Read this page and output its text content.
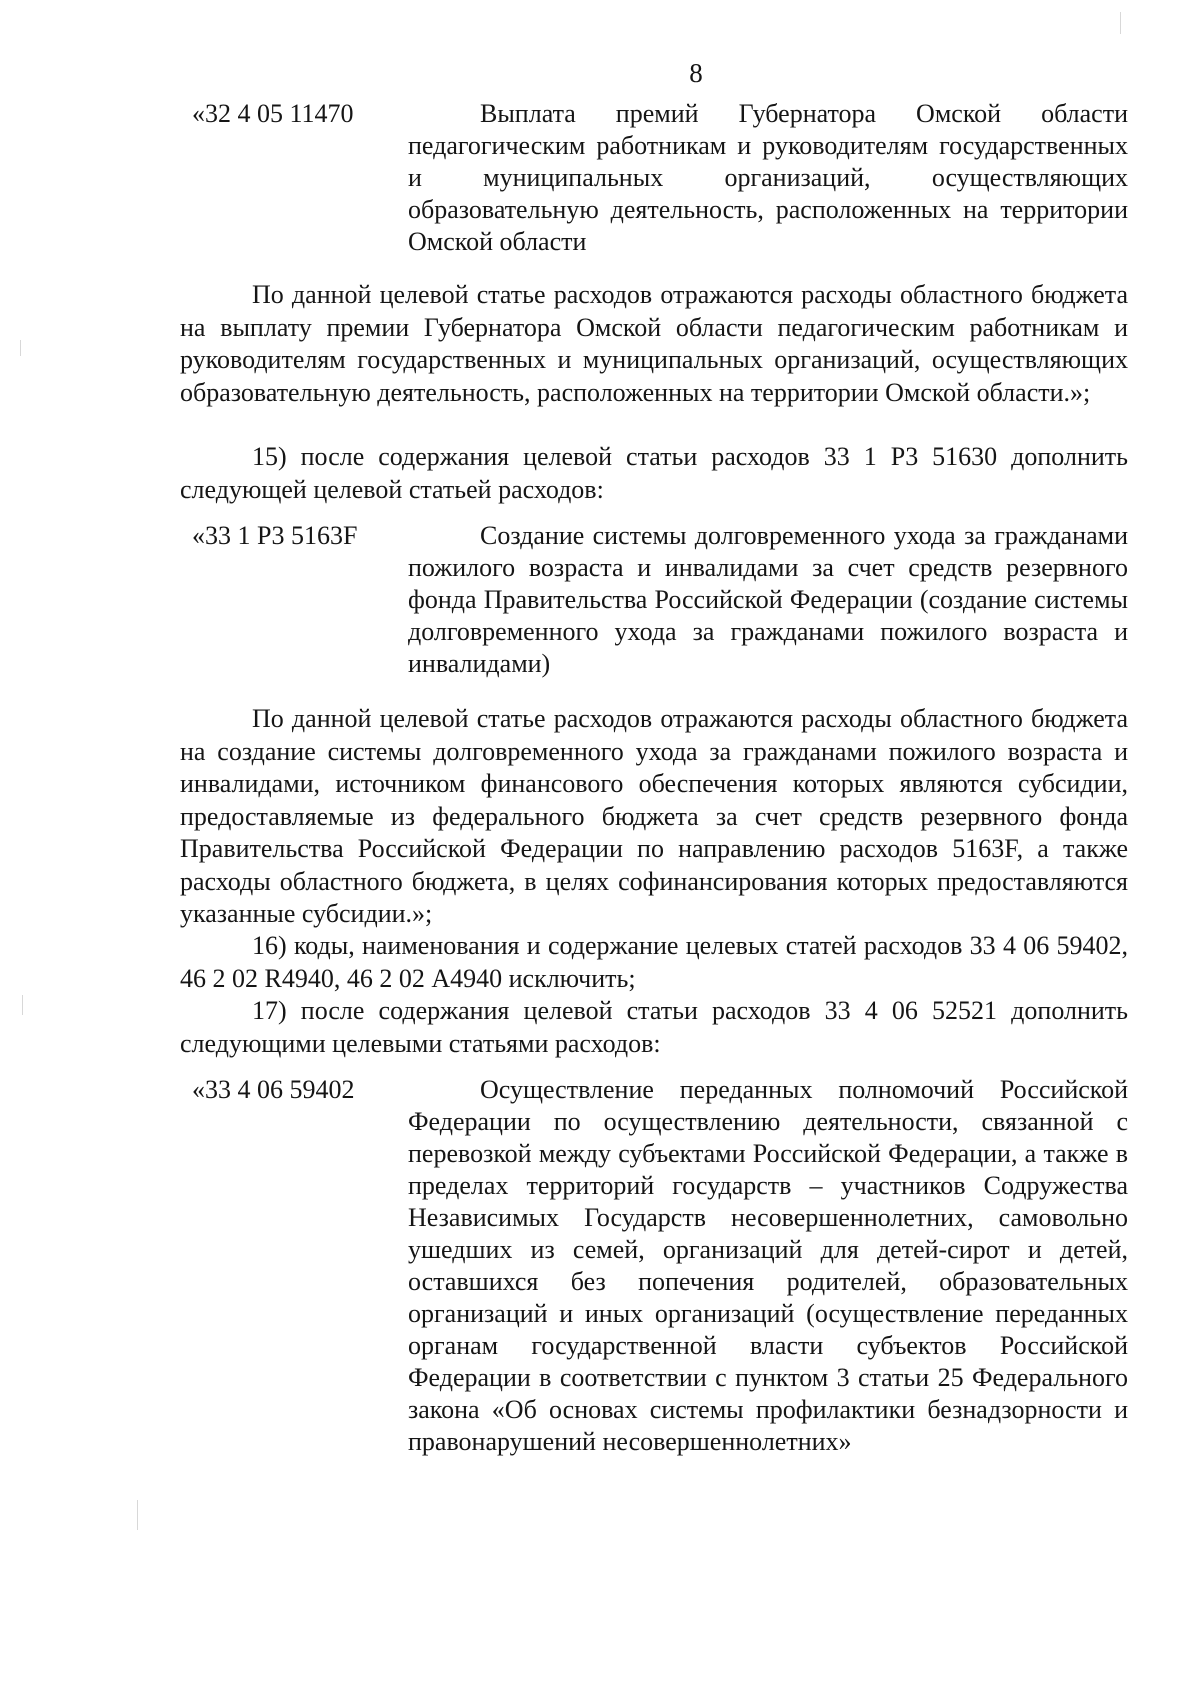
8
«32 4 05 11470	Выплата премий Губернатора Омской области педагогическим работникам и руководителям государственных и муниципальных организаций, осуществляющих образовательную деятельность, расположенных на территории Омской области

По данной целевой статье расходов отражаются расходы областного бюджета на выплату премии Губернатора Омской области педагогическим работникам и руководителям государственных и муниципальных организаций, осуществляющих образовательную деятельность, расположенных на территории Омской области.»;

15) после содержания целевой статьи расходов 33 1 Р3 51630 дополнить следующей целевой статьей расходов:

«33 1 Р3 5163F	Создание системы долговременного ухода за гражданами пожилого возраста и инвалидами за счет средств резервного фонда Правительства Российской Федерации (создание системы долговременного ухода за гражданами пожилого возраста и инвалидами)

По данной целевой статье расходов отражаются расходы областного бюджета на создание системы долговременного ухода за гражданами пожилого возраста и инвалидами, источником финансового обеспечения которых являются субсидии, предоставляемые из федерального бюджета за счет средств резервного фонда Правительства Российской Федерации по направлению расходов 5163F, а также расходы областного бюджета, в целях софинансирования которых предоставляются указанные субсидии.»;

16) коды, наименования и содержание целевых статей расходов 33 4 06 59402, 46 2 02 R4940, 46 2 02 А4940 исключить;

17) после содержания целевой статьи расходов 33 4 06 52521 дополнить следующими целевыми статьями расходов:

«33 4 06 59402	Осуществление переданных полномочий Российской Федерации по осуществлению деятельности, связанной с перевозкой между субъектами Российской Федерации, а также в пределах территорий государств – участников Содружества Независимых Государств несовершеннолетних, самовольно ушедших из семей, организаций для детей-сирот и детей, оставшихся без попечения родителей, образовательных организаций и иных организаций (осуществление переданных органам государственной власти субъектов Российской Федерации в соответствии с пунктом 3 статьи 25 Федерального закона «Об основах системы профилактики безнадзорности и правонарушений несовершеннолетних»
